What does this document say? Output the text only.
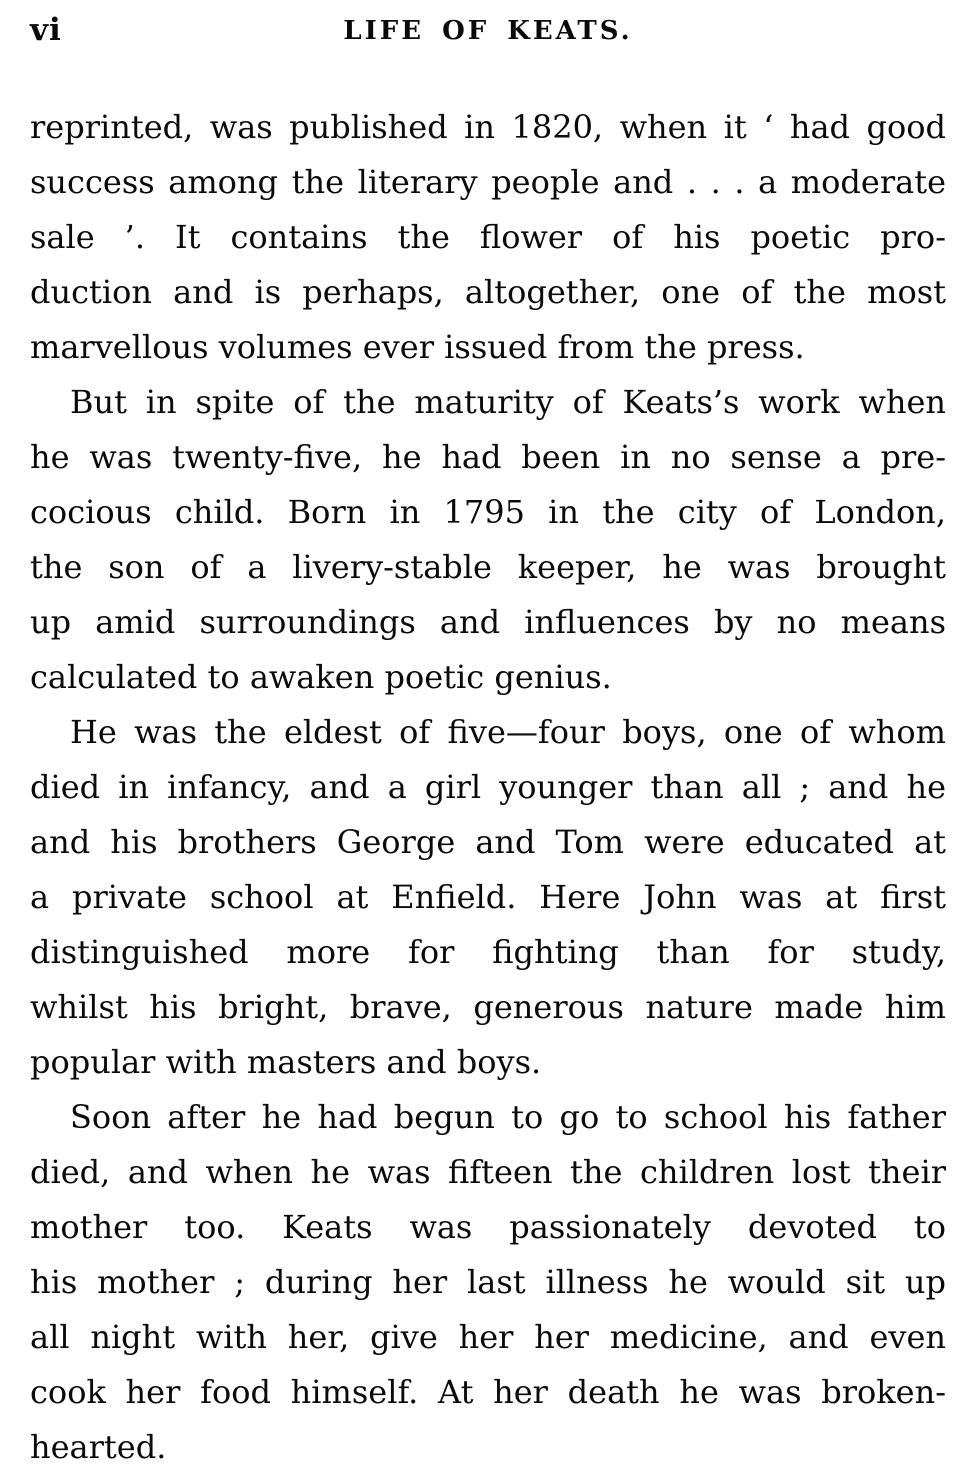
vi	LIFE OF KEATS.
reprinted, was published in 1820, when it ‘ had good
success among the literary people and . . . a moderate
sale ’. It contains the flower of his poetic pro-
duction and is perhaps, altogether, one of the most
marvellous volumes ever issued from the press.
But in spite of the maturity of Keats’s work when
he was twenty-five, he had been in no sense a pre-
cocious child. Born in 1795 in the city of London,
the son of a livery-stable keeper, he was brought
up amid surroundings and influences by no means
calculated to awaken poetic genius.
He was the eldest of five—four boys, one of whom
died in infancy, and a girl younger than all ; and he
and his brothers George and Tom were educated at
a private school at Enfield. Here John was at first
distinguished more for fighting than for study,
whilst his bright, brave, generous nature made him
popular with masters and boys.
Soon after he had begun to go to school his father
died, and when he was fifteen the children lost their
mother too. Keats was passionately devoted to
his mother ; during her last illness he would sit up
all night with her, give her her medicine, and even
cook her food himself. At her death he was broken-
hearted.
